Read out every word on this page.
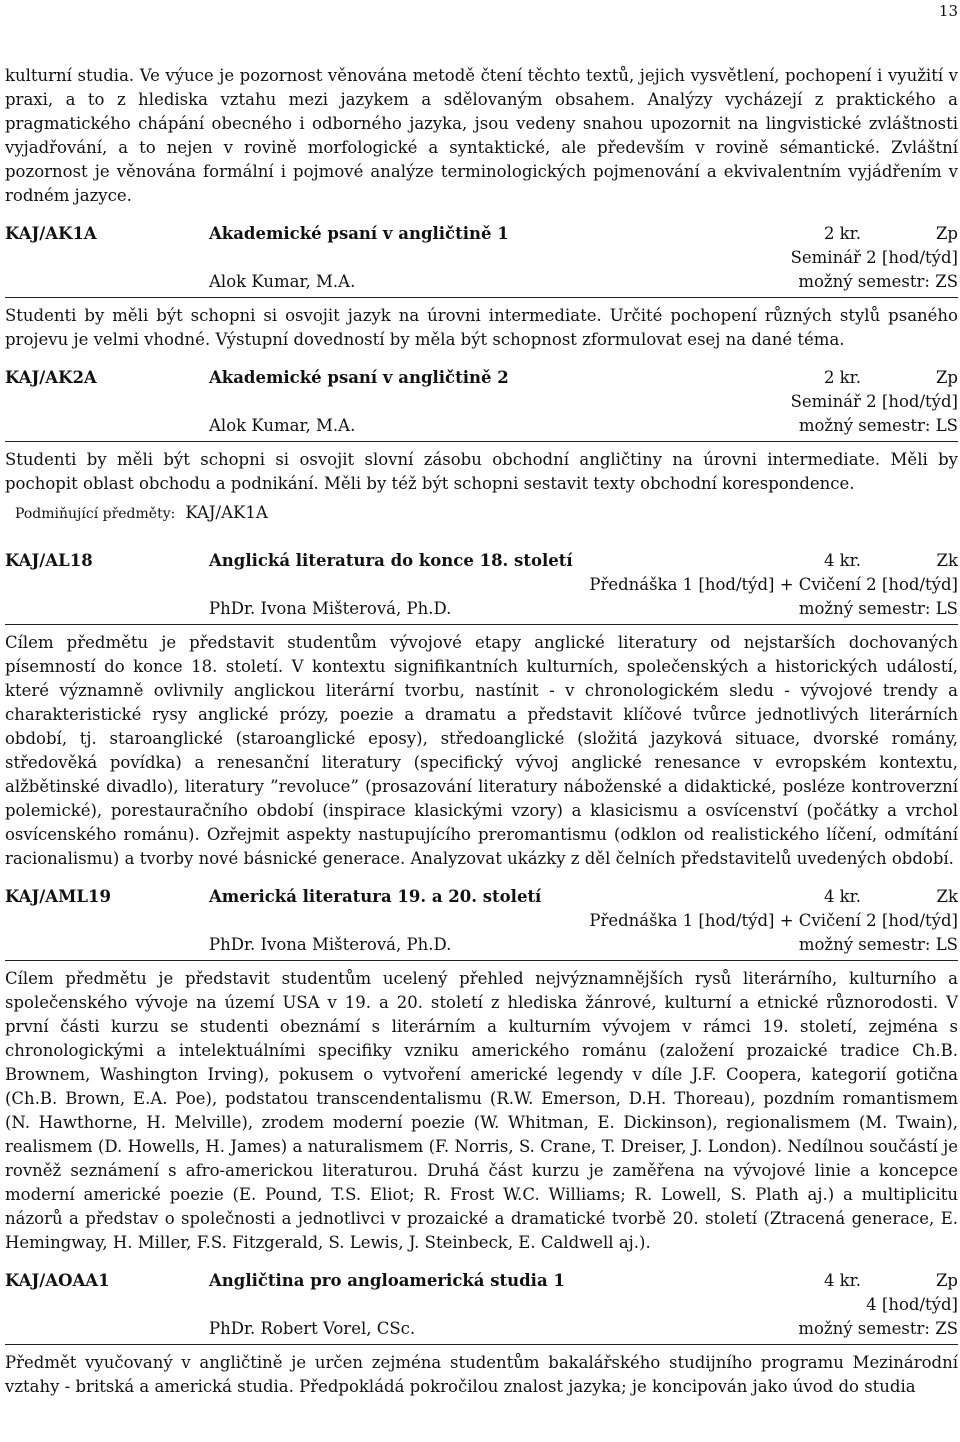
13

kulturní studia. Ve výuce je pozornost věnována metodě čtení těchto textů, jejich vysvětlení, pochopení i využití v praxi, a to z hlediska vztahu mezi jazykem a sdělovaným obsahem. Analýzy vycházejí z praktického a pragmatického chápání obecného i odborného jazyka, jsou vedeny snahou upozornit na lingvistické zvláštnosti vyjadřování, a to nejen v rovině morfologické a syntaktické, ale především v rovině sémantické. Zvláštní pozornost je věnována formální i pojmové analýze terminologických pojmenování a ekvivalentním vyjádřením v rodném jazyce.

KAJ/AK1A	Akademické psaní v angličtině 1	2 kr.	Zp
Seminář 2 [hod/týd]
Alok Kumar, M.A.	možný semestr: ZS

Studenti by měli být schopni si osvojit jazyk na úrovni intermediate. Určité pochopení různých stylů psaného projevu je velmi vhodné. Výstupní dovedností by měla být schopnost zformulovat esej na dané téma.

KAJ/AK2A	Akademické psaní v angličtině 2	2 kr.	Zp
Seminář 2 [hod/týd]
Alok Kumar, M.A.	možný semestr: LS

Studenti by měli být schopni si osvojit slovní zásobu obchodní angličtiny na úrovni intermediate. Měli by pochopit oblast obchodu a podnikání. Měli by též být schopni sestavit texty obchodní korespondence.

Podmiňující předměty: KAJ/AK1A
KAJ/AL18	Anglická literatura do konce 18. století	4 kr.	Zk
Přednáška 1 [hod/týd] + Cvičení 2 [hod/týd]
PhDr. Ivona Mišterová, Ph.D.	možný semestr: LS

Cílem předmětu je představit studentům vývojové etapy anglické literatury od nejstarších dochovaných písemností do konce 18. století. V kontextu signifikantních kulturních, společenských a historických událostí, které významně ovlivnily anglickou literární tvorbu, nastínit - v chronologickém sledu - vývojové trendy a charakteristické rysy anglické prózy, poezie a dramatu a představit klíčové tvůrce jednotlivých literárních období, tj. staroanglické (staroanglické eposy), středoanglické (složitá jazyková situace, dvorské romány, středověká povídka) a renesanční literatury (specifický vývoj anglické renesance v evropském kontextu, alžbětinské divadlo), literatury ”revoluce” (prosazování literatury náboženské a didaktické, posléze kontroverzní polemické), porestauračního období (inspirace klasickými vzory) a klasicismu a osvícenství (počátky a vrchol osvícenského románu). Ozřejmit aspekty nastupujícího preromantismu (odklon od realistického líčení, odmítání racionalismu) a tvorby nové básnické generace. Analyzovat ukázky z děl čelních představitelů uvedených období.

KAJ/AML19	Americká literatura 19. a 20. století	4 kr.	Zk
Přednáška 1 [hod/týd] + Cvičení 2 [hod/týd]
PhDr. Ivona Mišterová, Ph.D.	možný semestr: LS

Cílem předmětu je představit studentům ucelený přehled nejvýznamnějších rysů literárního, kulturního a společenského vývoje na území USA v 19. a 20. století z hlediska žánrové, kulturní a etnické různorodosti. V první části kurzu se studenti obeznámí s literárním a kulturním vývojem v rámci 19. století, zejména s chronologickými a intelektuálními specifiky vzniku amerického románu (založení prozaické tradice Ch.B. Brownem, Washington Irving), pokusem o vytvoření americké legendy v díle J.F. Coopera, kategorií gotična (Ch.B. Brown, E.A. Poe), podstatou transcendentalismu (R.W. Emerson, D.H. Thoreau), pozdním romantismem (N. Hawthorne, H. Melville), zrodem moderní poezie (W. Whitman, E. Dickinson), regionalismem (M. Twain), realismem (D. Howells, H. James) a naturalismem (F. Norris, S. Crane, T. Dreiser, J. London). Nedílnou součástí je rovněž seznámení s afro-americkou literaturou. Druhá část kurzu je zaměřena na vývojové linie a koncepce moderní americké poezie (E. Pound, T.S. Eliot; R. Frost W.C. Williams; R. Lowell, S. Plath aj.) a multiplicitu názorů a představ o společnosti a jednotlivci v prozaické a dramatické tvorbě 20. století (Ztracená generace, E. Hemingway, H. Miller, F.S. Fitzgerald, S. Lewis, J. Steinbeck, E. Caldwell aj.).

KAJ/AOAA1	Angličtina pro angloamerická studia 1	4 kr.	Zp
4 [hod/týd]
PhDr. Robert Vorel, CSc.	možný semestr: ZS

Předmět vyučovaný v angličtině je určen zejména studentům bakalářského studijního programu Mezinárodní vztahy - britská a americká studia. Předpokládá pokročilou znalost jazyka; je koncipován jako úvod do studia
